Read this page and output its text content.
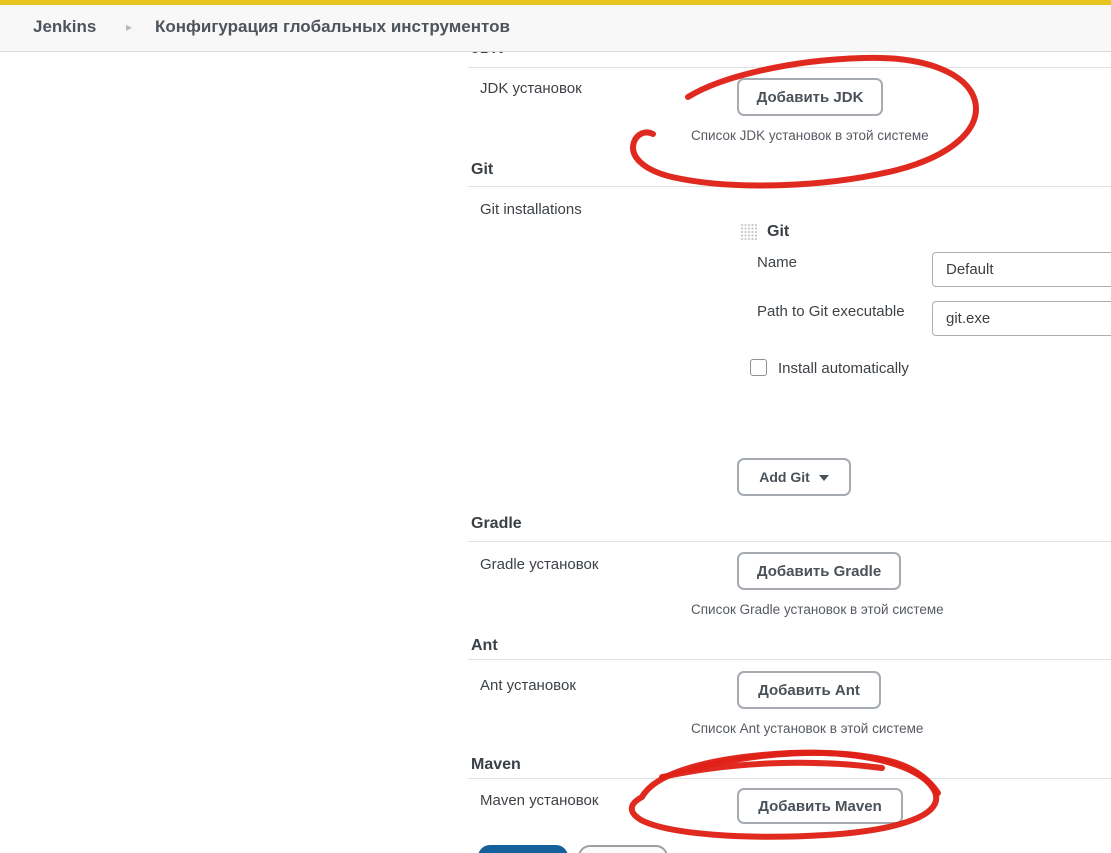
JDK установок	Добавить JDK
Список JDK установок в этой системе
Git
Git installations
Git
Name
Default
Path to Git executable
git.exe
Install automatically
Add Git
Gradle
Gradle установок	Добавить Gradle
Список Gradle установок в этой системе
Ant
Ant установок	Добавить Ant
Список Ant установок в этой системе
Maven
Maven установок	Добавить Maven
Jenkins ▸ Конфигурация глобальных инструментов
